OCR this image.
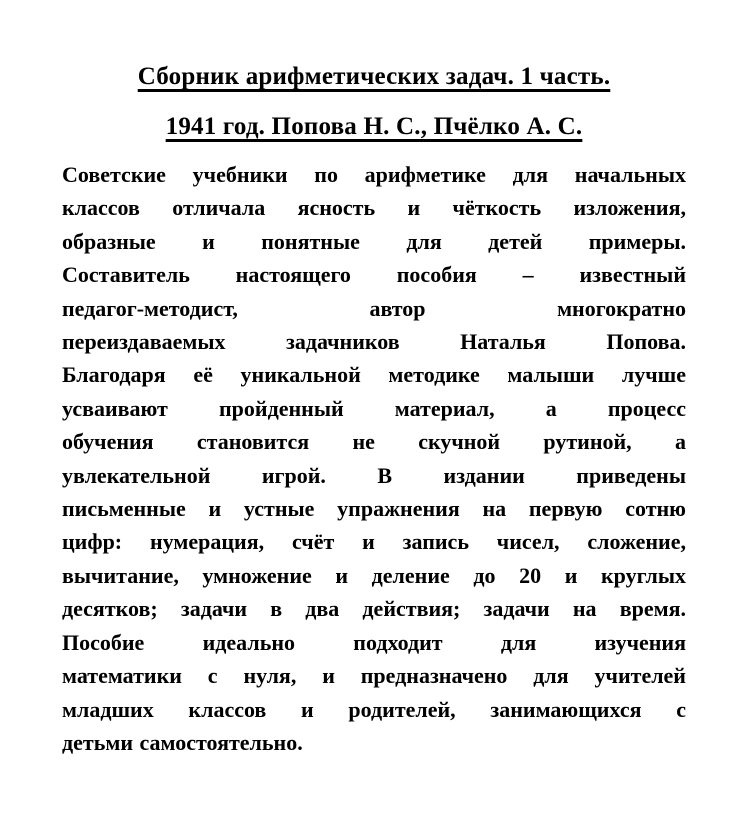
Сборник арифметических задач. 1 часть.
1941 год. Попова Н. С., Пчёлко А. С.
Советские учебники по арифметике для начальных
классов отличала ясность и чёткость изложения,
образные и понятные для детей примеры.
Составитель настоящего пособия – известный
педагог-методист, автор многократно
переиздаваемых задачников Наталья Попова.
Благодаря её уникальной методике малыши лучше
усваивают пройденный материал, а процесс
обучения становится не скучной рутиной, а
увлекательной игрой. В издании приведены
письменные и устные упражнения на первую сотню
цифр: нумерация, счёт и запись чисел, сложение,
вычитание, умножение и деление до 20 и круглых
десятков; задачи в два действия; задачи на время.
Пособие идеально подходит для изучения
математики с нуля, и предназначено для учителей
младших классов и родителей, занимающихся с
детьми самостоятельно.
